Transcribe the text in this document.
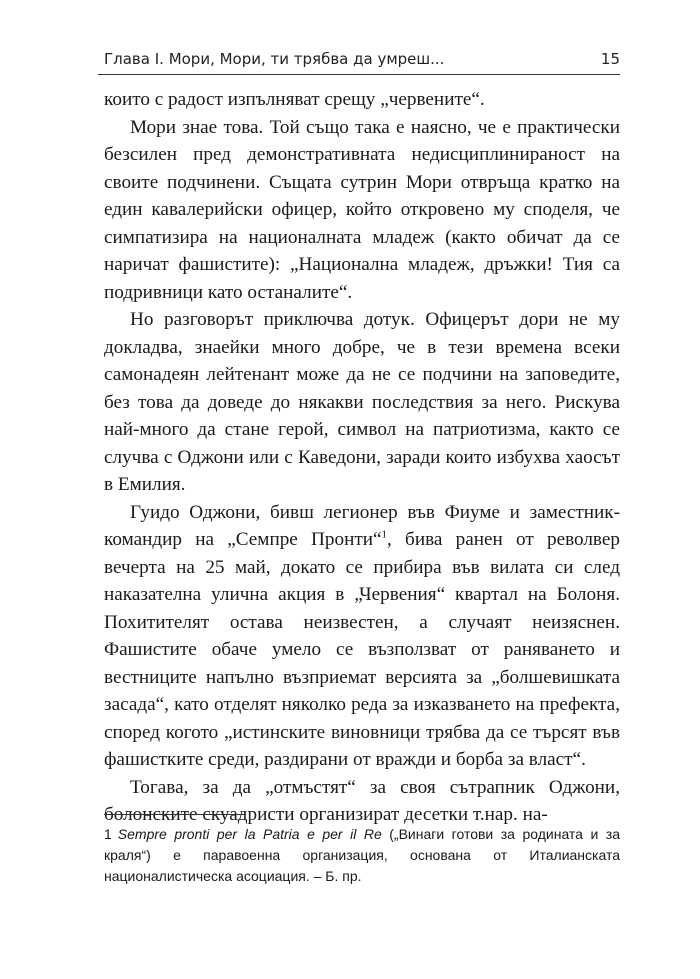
Глава I. Мори, Мори, ти трябва да умреш...	15

които с радост изпълняват срещу „червените“.

Мори знае това. Той също така е наясно, че е практически безсилен пред демонстративната недисциплинираност на своите подчинени. Същата сутрин Мори отвръща кратко на един кавалерийски офицер, който откровено му споделя, че симпатизира на националната младеж (както обичат да се наричат фашистите): „Национална младеж, дръжки! Тия са подривници като останалите“.

Но разговорът приключва дотук. Офицерът дори не му докладва, знаейки много добре, че в тези времена всеки самонадеян лейтенант може да не се подчини на заповедите, без това да доведе до някакви последствия за него. Рискува най-много да стане герой, символ на патриотизма, както се случва с Оджони или с Каведони, заради които избухва хаосът в Емилия.

Гуидо Оджони, бивш легионер във Фиуме и заместник-командир на „Семпре Пронти“$^1$, бива ранен от револвер вечерта на 25 май, докато се прибира във вилата си след наказателна улична акция в „Червения“ квартал на Болоня. Похитителят остава неизвестен, а случаят неизяснен. Фашистите обаче умело се възползват от раняването и вестниците напълно възприемат версията за „болшевишката засада“, като отделят няколко реда за изказването на префекта, според когото „истинските виновници трябва да се търсят във фашистките среди, раздирани от вражди и борба за власт“.

Тогава, за да „отмъстят“ за своя сътрапник Оджони, болонските скуадристи организират десетки т.нар. на-

1 Sempre pronti per la Patria e per il Re („Винаги готови за родината и за краля“) е паравоенна организация, основана от Италианската националистическа асоциация. – Б. пр.
